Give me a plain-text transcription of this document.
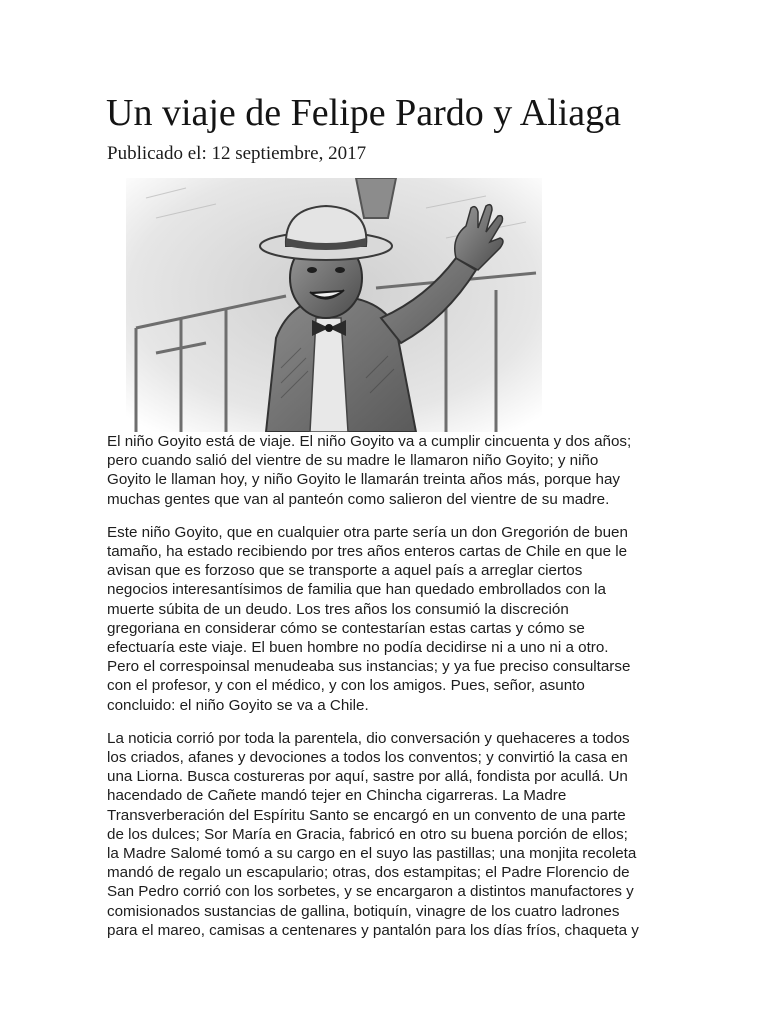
Un viaje de Felipe Pardo y Aliaga
Publicado el: 12 septiembre, 2017

El niño Goyito está de viaje. El niño Goyito va a cumplir cincuenta y dos años;
pero cuando salió del vientre de su madre le llamaron niño Goyito; y niño
Goyito le llaman hoy, y niño Goyito le llamarán treinta años más, porque hay
muchas gentes que van al panteón como salieron del vientre de su madre.

Este niño Goyito, que en cualquier otra parte sería un don Gregorión de buen
tamaño, ha estado recibiendo por tres años enteros cartas de Chile en que le
avisan que es forzoso que se transporte a aquel país a arreglar ciertos
negocios interesantísimos de familia que han quedado embrollados con la
muerte súbita de un deudo. Los tres años los consumió la discreción
gregoriana en considerar cómo se contestarían estas cartas y cómo se
efectuaría este viaje. El buen hombre no podía decidirse ni a uno ni a otro.
Pero el correspoinsal menudeaba sus instancias; y ya fue preciso consultarse
con el profesor, y con el médico, y con los amigos. Pues, señor, asunto
concluido: el niño Goyito se va a Chile.

La noticia corrió por toda la parentela, dio conversación y quehaceres a todos
los criados, afanes y devociones a todos los conventos; y convirtió la casa en
una Liorna. Busca costureras por aquí, sastre por allá, fondista por acullá. Un
hacendado de Cañete mandó tejer en Chincha cigarreras. La Madre
Transverberación del Espíritu Santo se encargó en un convento de una parte
de los dulces; Sor María en Gracia, fabricó en otro su buena porción de ellos;
la Madre Salomé tomó a su cargo en el suyo las pastillas; una monjita recoleta
mandó de regalo un escapulario; otras, dos estampitas; el Padre Florencio de
San Pedro corrió con los sorbetes, y se encargaron a distintos manufactores y
comisionados sustancias de gallina, botiquín, vinagre de los cuatro ladrones
para el mareo, camisas a centenares y pantalón para los días fríos, chaqueta y
